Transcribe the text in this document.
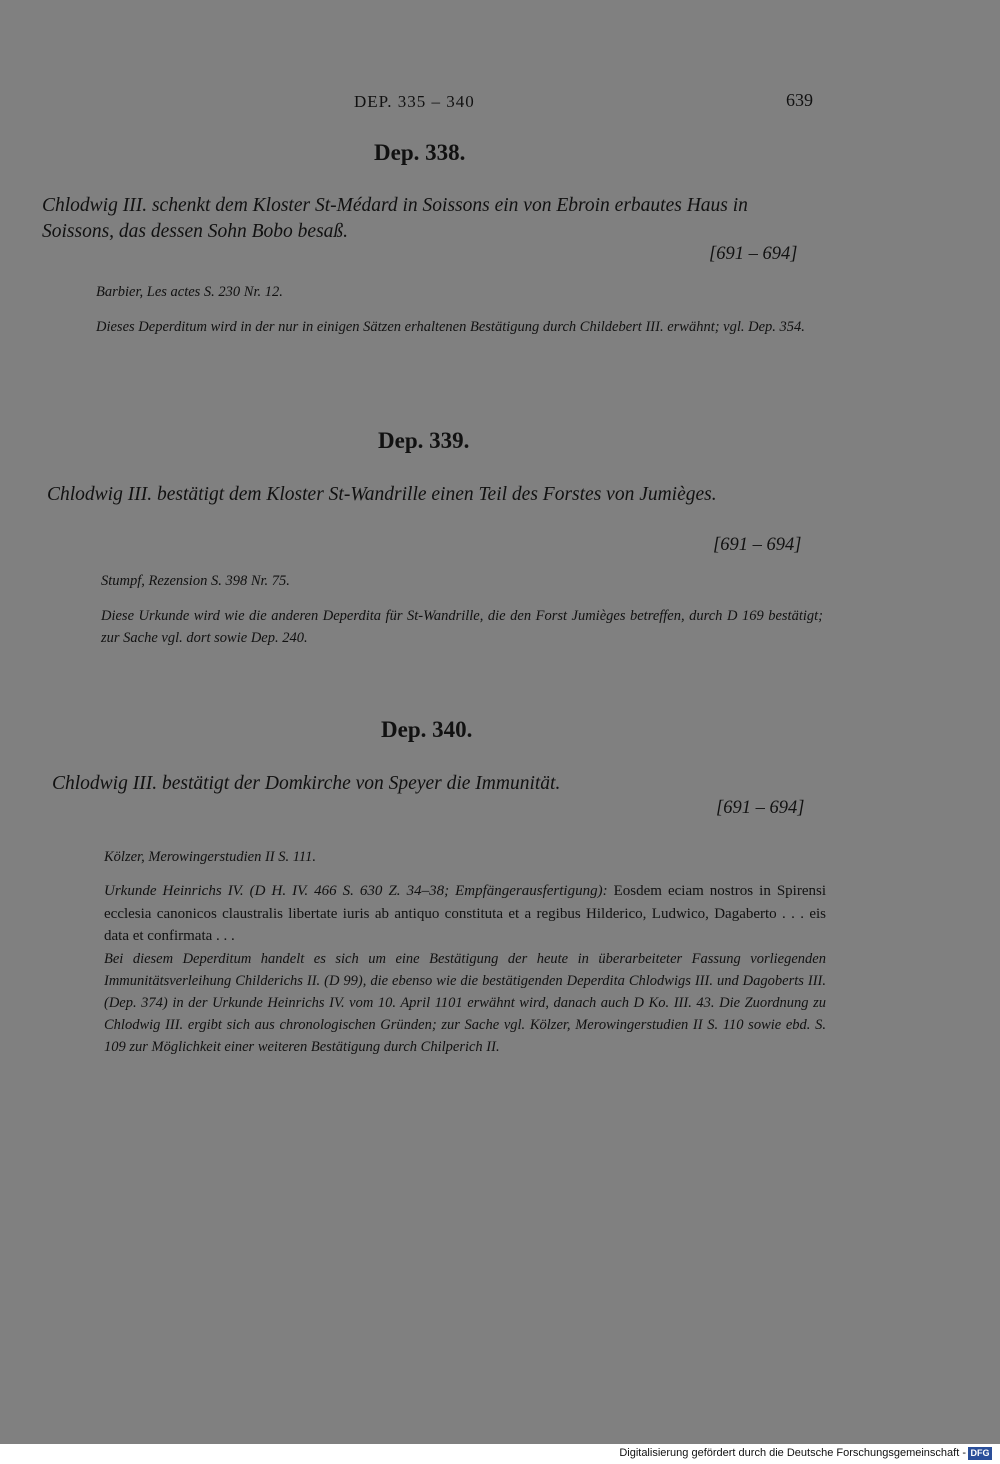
DEP. 335 – 340	639
Dep. 338.
Chlodwig III. schenkt dem Kloster St-Médard in Soissons ein von Ebroin erbautes Haus in Soissons, das dessen Sohn Bobo besaß.
[691 – 694]
Barbier, Les actes S. 230 Nr. 12.
Dieses Deperditum wird in der nur in einigen Sätzen erhaltenen Bestätigung durch Childebert III. erwähnt; vgl. Dep. 354.
Dep. 339.
Chlodwig III. bestätigt dem Kloster St-Wandrille einen Teil des Forstes von Jumièges.
[691 – 694]
Stumpf, Rezension S. 398 Nr. 75.
Diese Urkunde wird wie die anderen Deperdita für St-Wandrille, die den Forst Jumièges betreffen, durch D 169 bestätigt; zur Sache vgl. dort sowie Dep. 240.
Dep. 340.
Chlodwig III. bestätigt der Domkirche von Speyer die Immunität.
[691 – 694]
Kölzer, Merowingerstudien II S. 111.
Urkunde Heinrichs IV. (D H. IV. 466 S. 630 Z. 34–38; Empfängerausfertigung): Eosdem eciam nostros in Spirensi ecclesia canonicos claustralis libertate iuris ab antiquo constituta et a regibus Hilderico, Ludwico, Dagaberto . . . eis data et confirmata . . .
Bei diesem Deperditum handelt es sich um eine Bestätigung der heute in überarbeiteter Fassung vorliegenden Immunitätsverleihung Childerichs II. (D 99), die ebenso wie die bestätigenden Deperdita Chlodwigs III. und Dagoberts III. (Dep. 374) in der Urkunde Heinrichs IV. vom 10. April 1101 erwähnt wird, danach auch D Ko. III. 43. Die Zuordnung zu Chlodwig III. ergibt sich aus chronologischen Gründen; zur Sache vgl. Kölzer, Merowingerstudien II S. 110 sowie ebd. S. 109 zur Möglichkeit einer weiteren Bestätigung durch Chilperich II.
Digitalisierung gefördert durch die Deutsche Forschungsgemeinschaft - DFG
